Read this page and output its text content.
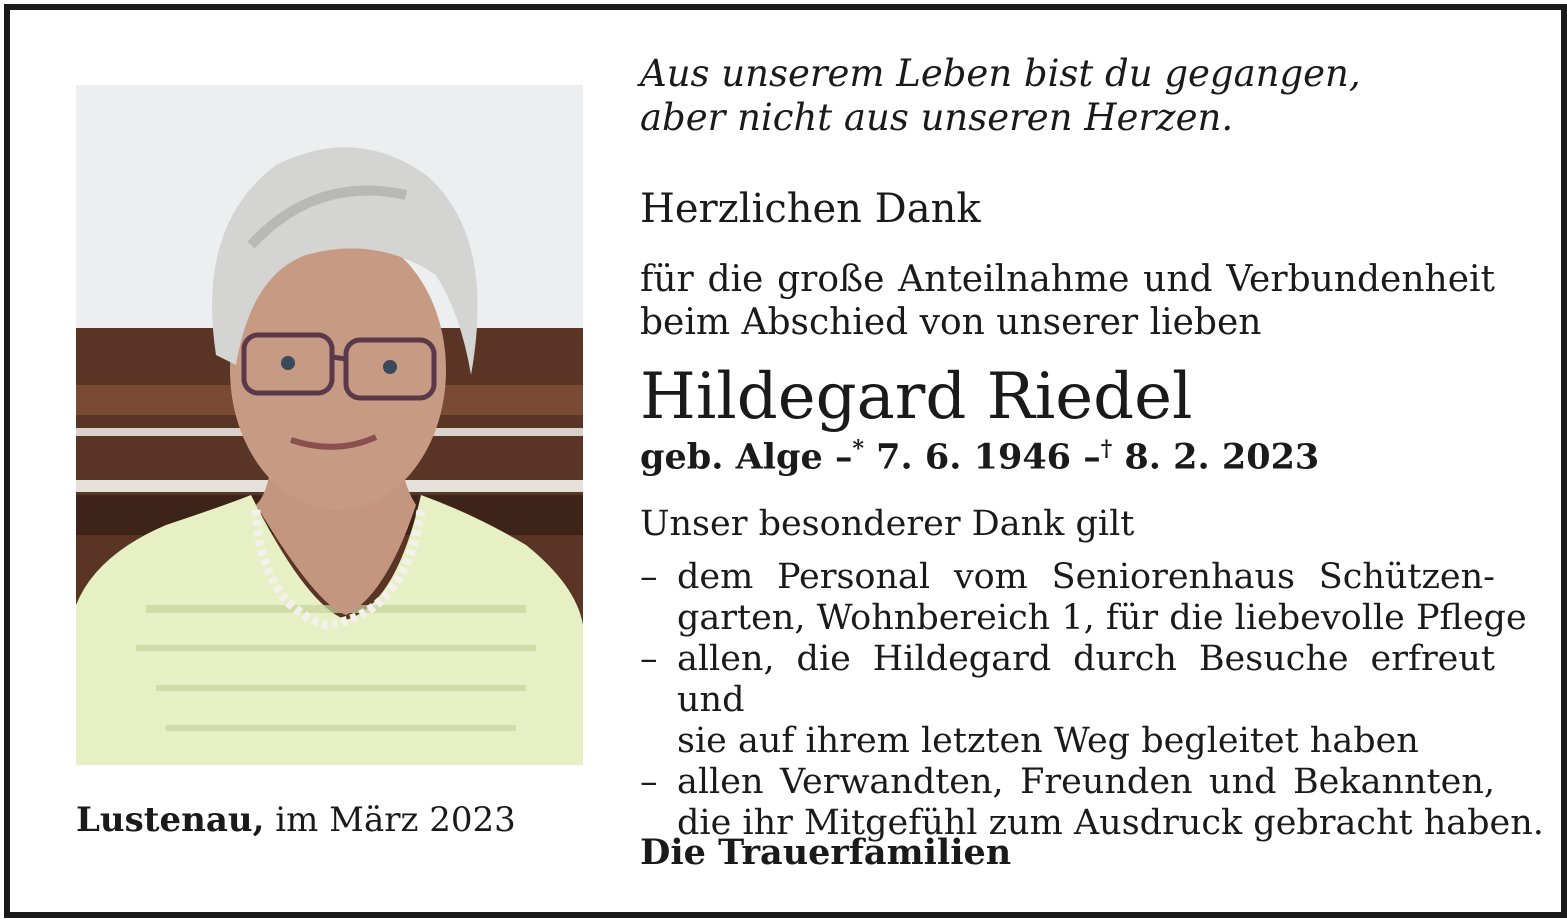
Lustenau, im März 2023
Aus unserem Leben bist du gegangen,
aber nicht aus unseren Herzen.
Herzlichen Dank
für die große Anteilnahme und Verbundenheit
beim Abschied von unserer lieben
Hildegard Riedel
geb. Alge –* 7. 6. 1946 –† 8. 2. 2023
Unser besonderer Dank gilt
– dem Personal vom Seniorenhaus Schützen-
garten, Wohnbereich 1, für die liebevolle Pflege
– allen, die Hildegard durch Besuche erfreut und
sie auf ihrem letzten Weg begleitet haben
– allen Verwandten, Freunden und Bekannten,
die ihr Mitgefühl zum Ausdruck gebracht haben.
Die Trauerfamilien
